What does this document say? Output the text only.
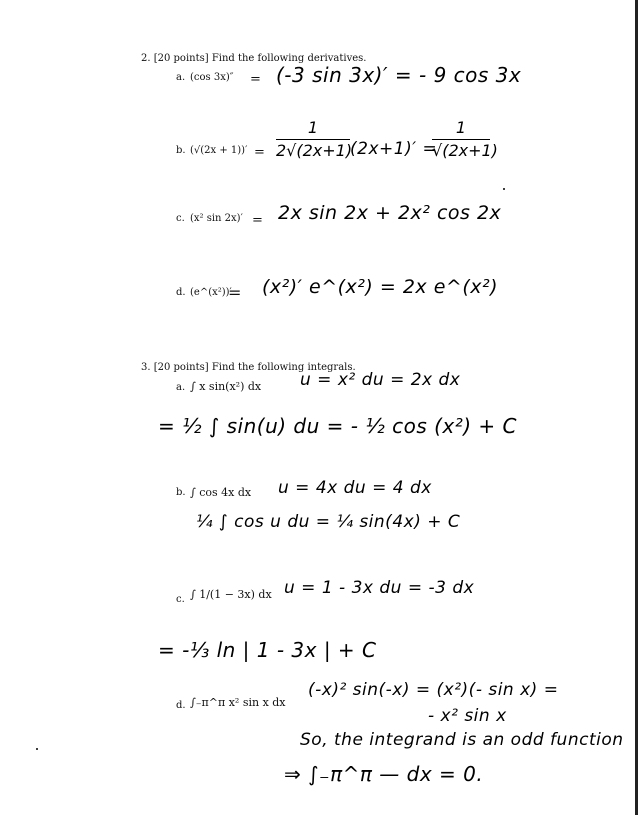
2. [20 points] Find the following derivatives.
a. (cos 3x)″ = (-3 sin 3x)′ = - 9 cos 3x
b. (√(2x + 1))′ =
1
2√(2x+1)
(2x+1)′ =
1
√(2x+1)
c. (x² sin 2x)′ = 2x sin 2x + 2x² cos 2x
d. (e^(x²))′
= (x²)′ e^(x²) = 2x e^(x²)
3. [20 points] Find the following integrals.
a. ∫ x sin(x²) dx u = x² du = 2x dx
= ½ ∫ sin(u) du = - ½ cos (x²) + C
b. ∫ cos 4x dx u = 4x du = 4 dx
¼ ∫ cos u du = ¼ sin(4x) + C
c. ∫ 1/(1 − 3x) dx u = 1 - 3x du = -3 dx
= -⅓ ln | 1 - 3x | + C
d. ∫₋π^π x² sin x dx
(-x)² sin(-x) = (x²)(- sin x) =
- x² sin x
So, the integrand is an odd function
⇒ ∫₋π^π — dx = 0.
